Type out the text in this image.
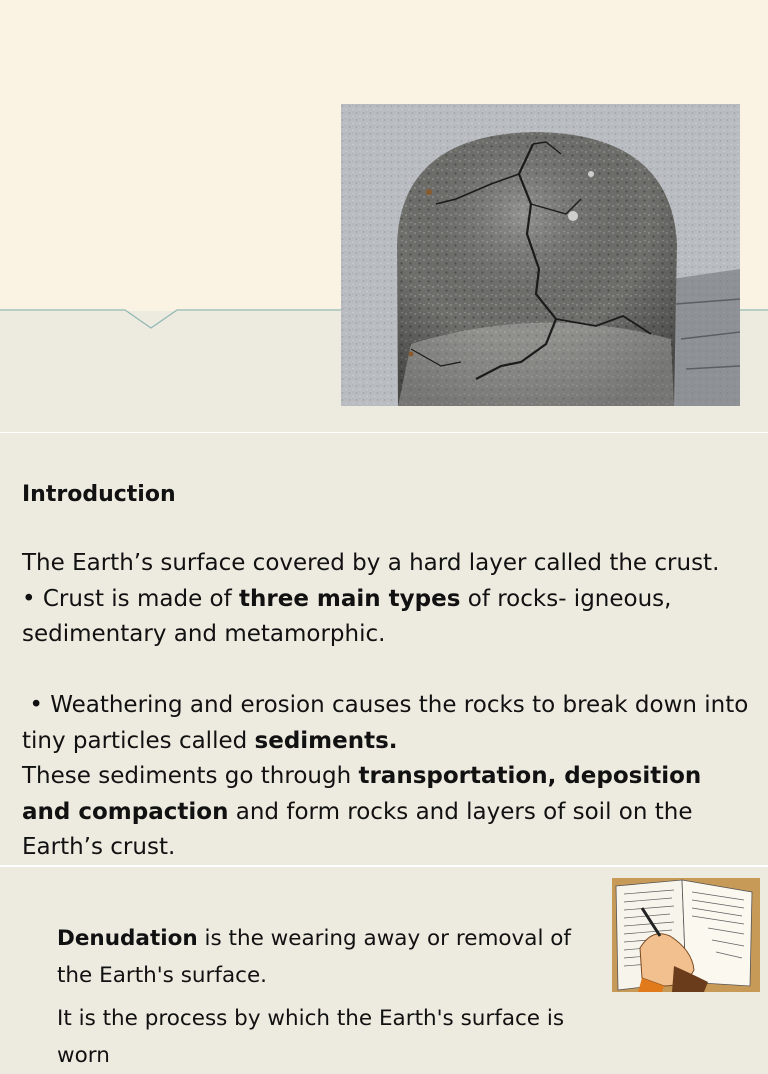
Introduction

The Earth’s surface covered by a hard layer called the crust.

• Crust is made of three main types of rocks- igneous, sedimentary and metamorphic.

• Weathering and erosion causes the rocks to break down into tiny particles called sediments.

These sediments go through transportation, deposition and compaction and form rocks and layers of soil on the Earth’s crust.

Denudation is the wearing away or removal of the Earth's surface.

It is the process by which the Earth's surface is worn
